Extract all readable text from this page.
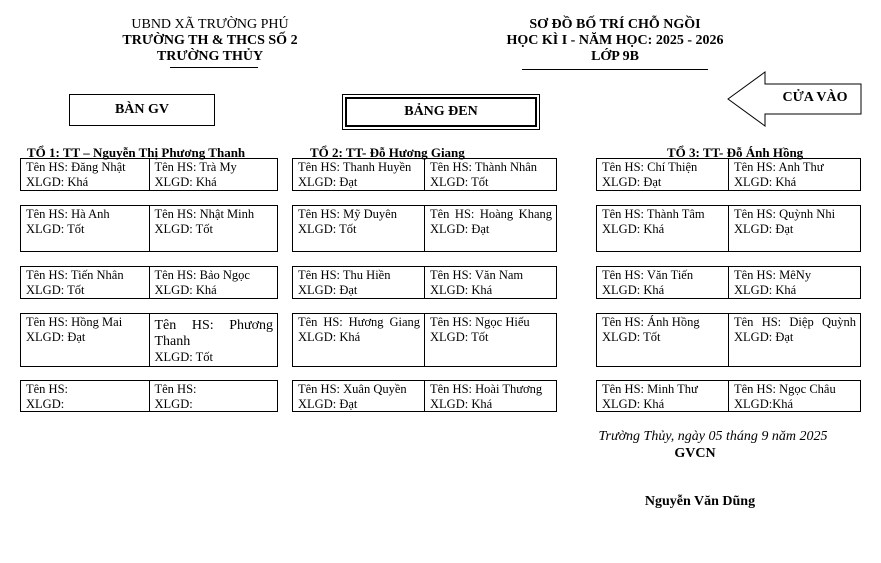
UBND XÃ TRƯỜNG PHÚ
TRƯỜNG TH & THCS SỐ 2
TRƯỜNG THỦY
SƠ ĐỒ BỐ TRÍ CHỖ NGỒI
HỌC KÌ I - NĂM HỌC: 2025 - 2026
LỚP 9B
BÀN GV	BẢNG ĐEN
CỬA VÀO
TỔ 1: TT – Nguyễn Thị Phương Thanh	TỔ 2: TT- Đỗ Hương Giang	TỔ 3: TT- Đỗ Ánh Hồng
Tên HS: Đăng Nhật
XLGD: Khá
Tên HS: Trà My
XLGD: Khá
Tên HS: Hà Anh
XLGD: Tốt
Tên HS: Nhật Minh
XLGD: Tốt
Tên HS: Tiến Nhân
XLGD: Tốt
Tên HS: Bảo Ngọc
XLGD: Khá
Tên HS: Hồng Mai
XLGD: Đạt
Tên HS: Phương Thanh
XLGD: Tốt
Tên HS:
XLGD:
Tên HS:
XLGD:
Tên HS: Thanh Huyền
XLGD: Đạt
Tên HS: Thành Nhân
XLGD: Tốt
Tên HS: Mỹ Duyên
XLGD: Tốt
Tên HS: Hoàng Khang
XLGD: Đạt
Tên HS: Thu Hiền
XLGD: Đạt
Tên HS: Văn Nam
XLGD: Khá
Tên HS: Hương Giang
XLGD: Khá
Tên HS: Ngọc Hiếu
XLGD: Tốt
Tên HS: Xuân Quyền
XLGD: Đạt
Tên HS: Hoài Thương
XLGD: Khá
Tên HS: Chí Thiện
XLGD: Đạt
Tên HS: Anh Thư
XLGD: Khá
Tên HS: Thành Tâm
XLGD: Khá
Tên HS: Quỳnh Nhi
XLGD: Đạt
Tên HS: Văn Tiến
XLGD: Khá
Tên HS: MêNy
XLGD: Khá
Tên HS: Ánh Hồng
XLGD: Tốt
Tên HS: Diệp Quỳnh
XLGD: Đạt
Tên HS: Minh Thư
XLGD: Khá
Tên HS: Ngọc Châu
XLGD:Khá
Trường Thủy, ngày 05 tháng 9 năm 2025
GVCN
Nguyễn Văn Dũng
